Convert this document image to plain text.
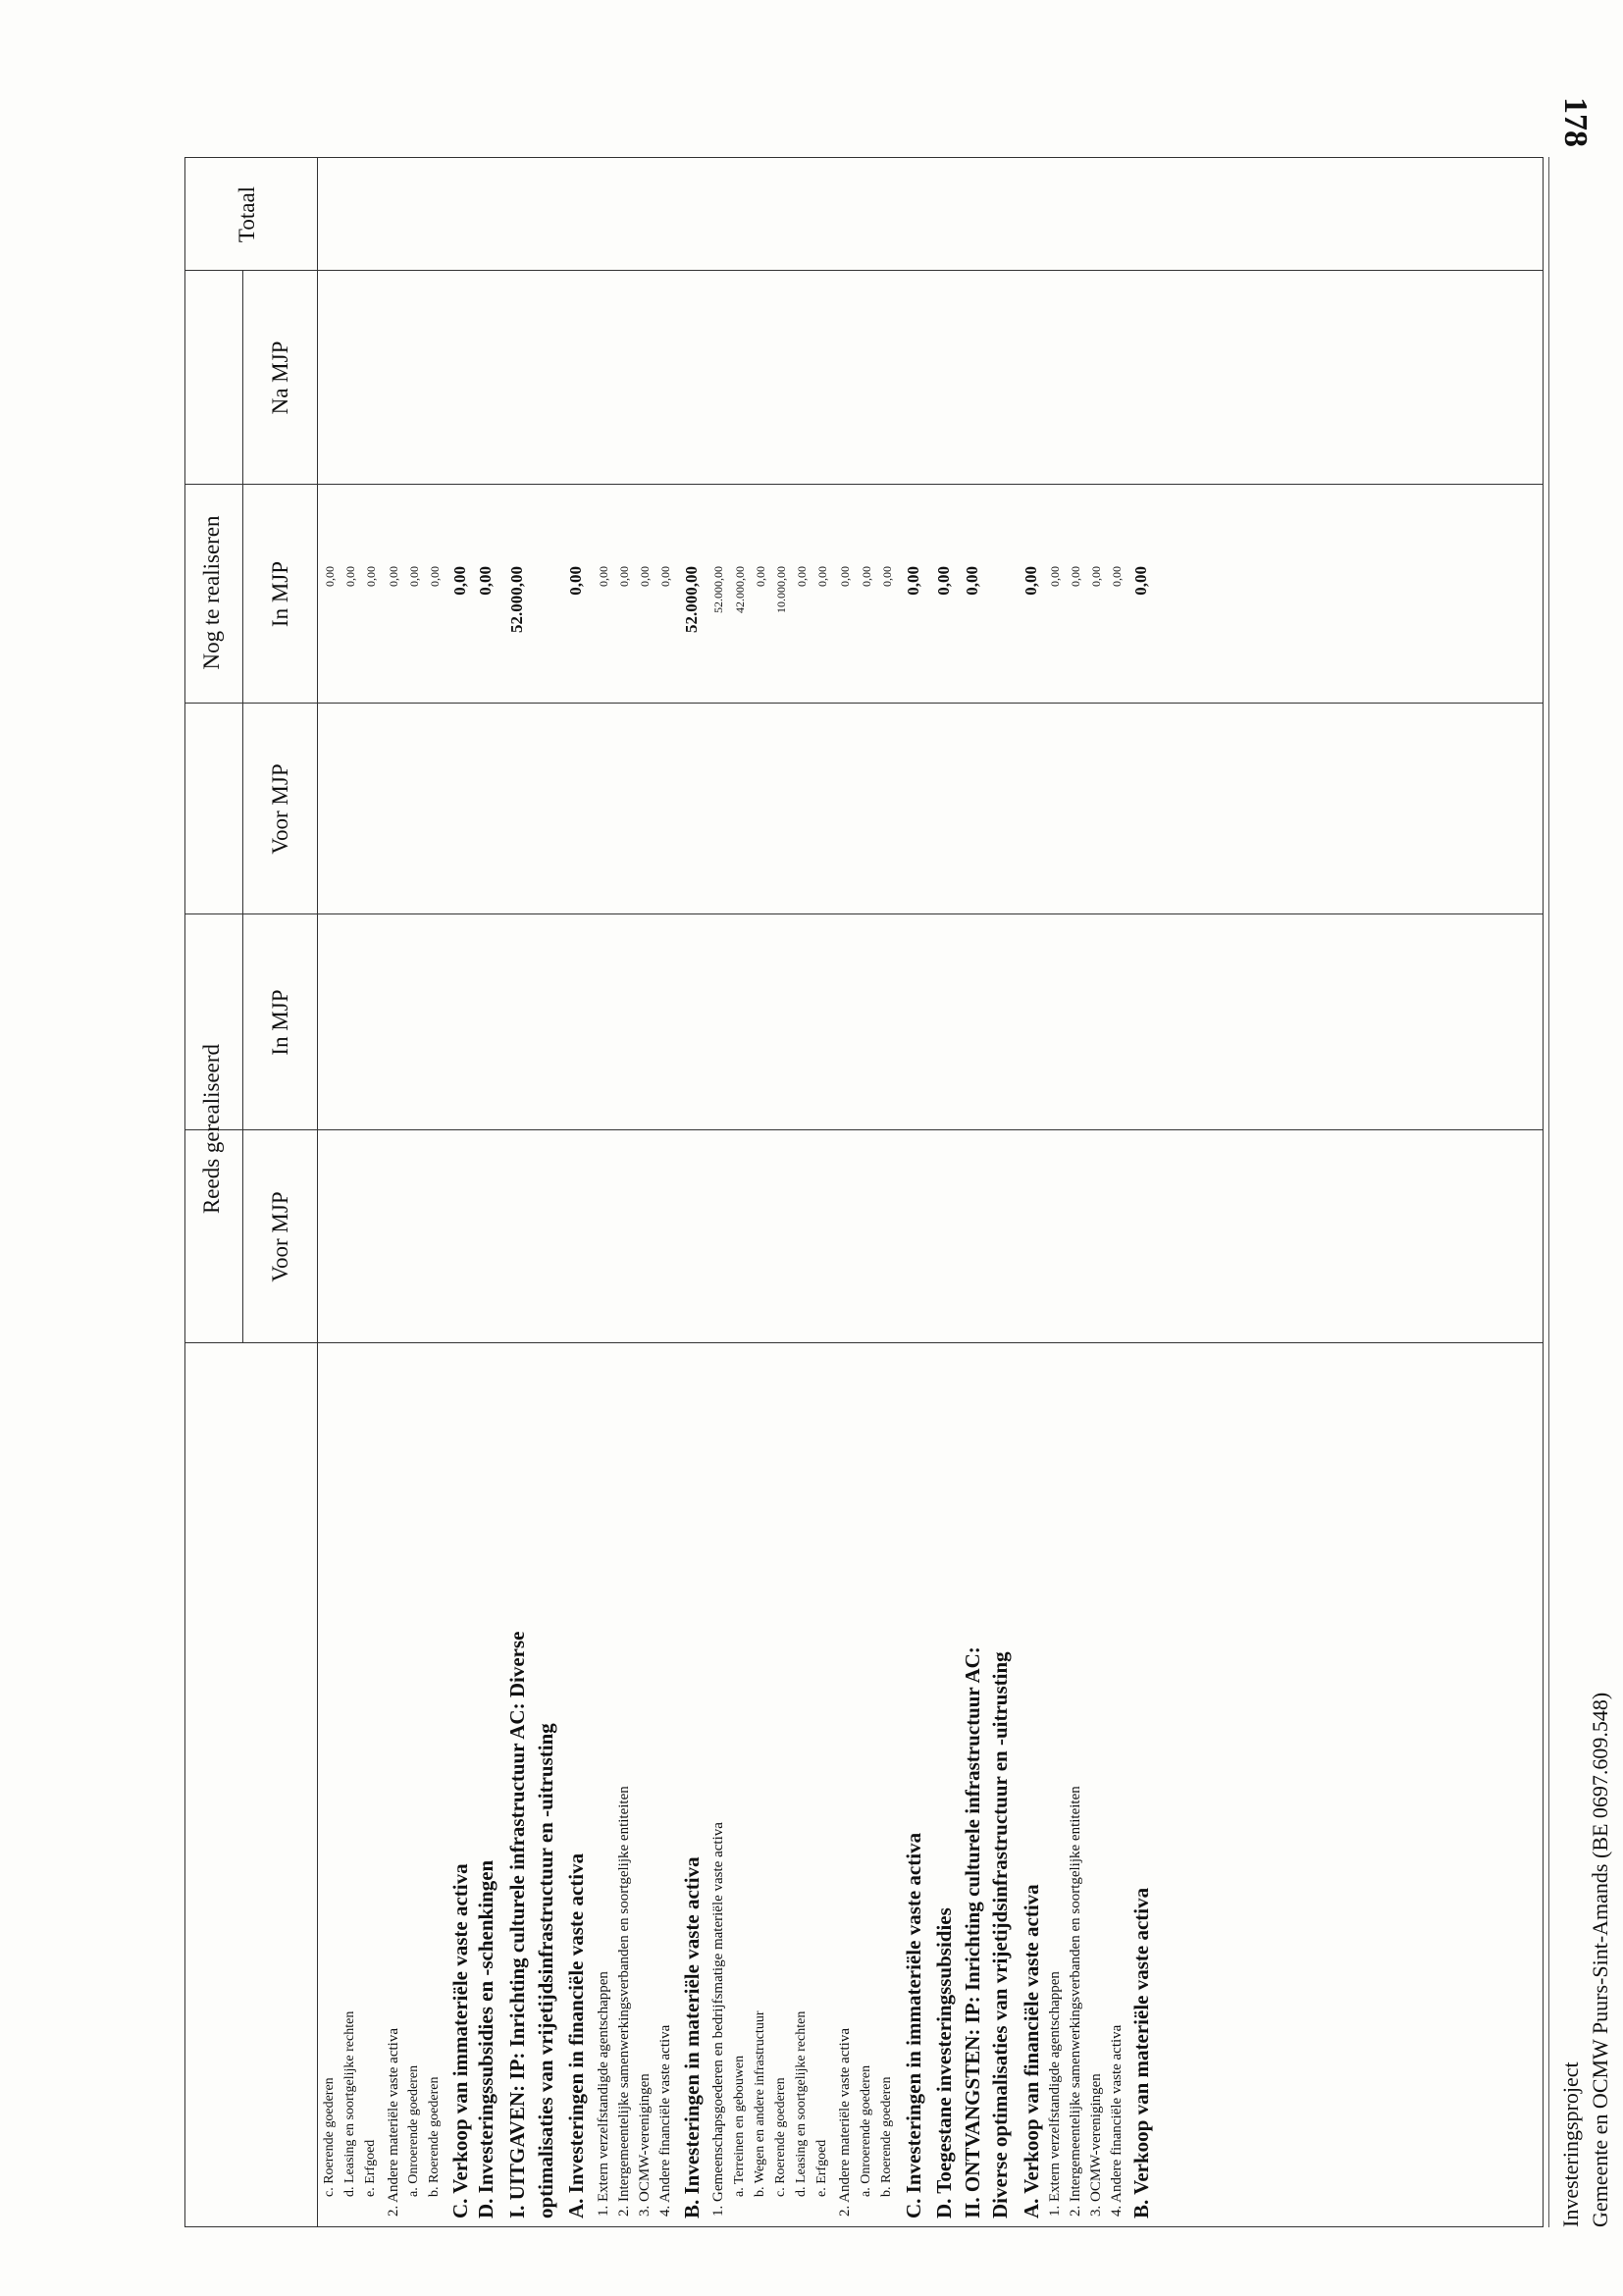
178
Reeds gerealiseerd
Nog te realiseren
Totaal
Voor MJP
In MJP
Voor MJP
In MJP
Na MJP
c. Roerende goederen
0,00
d. Leasing en soortgelijke rechten
0,00
e. Erfgoed
0,00
2. Andere materiële vaste activa
0,00
a. Onroerende goederen
0,00
b. Roerende goederen
0,00
C. Verkoop van immateriële vaste activa
0,00
D. Investeringssubsidies en -schenkingen
0,00
I. UITGAVEN: IP: Inrichting culturele infrastructuur AC: Diverse
52.000,00
optimalisaties van vrijetijdsinfrastructuur en -uitrusting A. Investeringen in financiële vaste activa
0,00
1. Extern verzelfstandigde agentschappen
0,00
2. Intergemeentelijke samenwerkingsverbanden en soortgelijke entiteiten
0,00
3. OCMW-verenigingen
0,00
4. Andere financiële vaste activa
0,00
B. Investeringen in materiële vaste activa
52.000,00
1. Gemeenschapsgoederen en bedrijfsmatige materiële vaste activa
52.000,00
a. Terreinen en gebouwen
42.000,00
b. Wegen en andere infrastructuur
0,00
c. Roerende goederen
10.000,00
d. Leasing en soortgelijke rechten
0,00
e. Erfgoed
0,00
2. Andere materiële vaste activa
0,00
a. Onroerende goederen
0,00
b. Roerende goederen
0,00
C. Investeringen in immateriële vaste activa
0,00
D. Toegestane investeringssubsidies
0,00
II. ONTVANGSTEN: IP: Inrichting culturele infrastructuur AC:
0,00
Diverse optimalisaties van vrijetijdsinfrastructuur en -uitrusting A. Verkoop van financiële vaste activa
0,00
1. Extern verzelfstandigde agentschappen
0,00
2. Intergemeentelijke samenwerkingsverbanden en soortgelijke entiteiten
0,00
3. OCMW-verenigingen
0,00
4. Andere financiële vaste activa
0,00
B. Verkoop van materiële vaste activa
0,00
Investeringsproject Gemeente en OCMW Puurs-Sint-Amands (BE 0697.609.548)
